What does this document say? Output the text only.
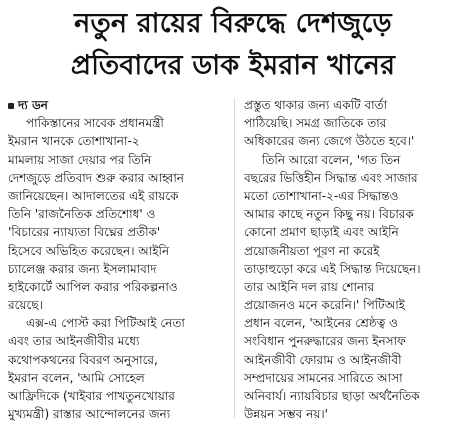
নতুন রায়ের বিরুদ্ধে দেশজুড়ে
প্রতিবাদের ডাক ইমরান খানের
দ্য ডন
পাকিস্তানের সাবেক প্রধানমন্ত্রী
ইমরান খানকে তোশাখানা-২
মামলায় সাজা দেয়ার পর তিনি
দেশজুড়ে প্রতিবাদ শুরু করার আহ্বান
জানিয়েছেন। আদালতের এই রায়কে
তিনি 'রাজনৈতিক প্রতিশোধ' ও
'বিচারের ন্যায্যতা বিঘ্নের প্রতীক'
হিসেবে অভিহিত করেছেন। আইনি
চ্যালেঞ্জ করার জন্য ইসলামাবাদ
হাইকোর্টে আপিল করার পরিকল্পনাও
রয়েছে।
এক্স-এ পোস্ট করা পিটিআই নেতা
এবং তার আইনজীবীর মধ্যে
কথোপকথনের বিবরণ অনুসারে,
ইমরান বলেন, 'আমি সোহেল
আফ্রিদিকে (খাইবার পাখতুনখোয়ার
মুখ্যমন্ত্রী) রাস্তার আন্দোলনের জন্য
প্রস্তুত থাকার জন্য একটি বার্তা
পাঠিয়েছি। সমগ্র জাতিকে তার
অধিকারের জন্য জেগে উঠতে হবে।'
তিনি আরো বলেন, 'গত তিন
বছরের ভিত্তিহীন সিদ্ধান্ত এবং সাজার
মতো তোশাখানা-২-এর সিদ্ধান্তও
আমার কাছে নতুন কিছু নয়। বিচারক
কোনো প্রমাণ ছাড়াই এবং আইনি
প্রয়োজনীয়তা পূরণ না করেই
তাড়াহুড়ো করে এই সিদ্ধান্ত দিয়েছেন।
তার আইনি দল রায় শোনার
প্রয়োজনও মনে করেনি।' পিটিআই
প্রধান বলেন, 'আইনের শ্রেষ্ঠত্ব ও
সংবিধান পুনরুদ্ধারের জন্য ইনসাফ
আইনজীবী ফোরাম ও আইনজীবী
সম্প্রদায়ের সামনের সারিতে আসা
অনিবার্য। ন্যায়বিচার ছাড়া অর্থনৈতিক
উন্নয়ন সম্ভব নয়।'
